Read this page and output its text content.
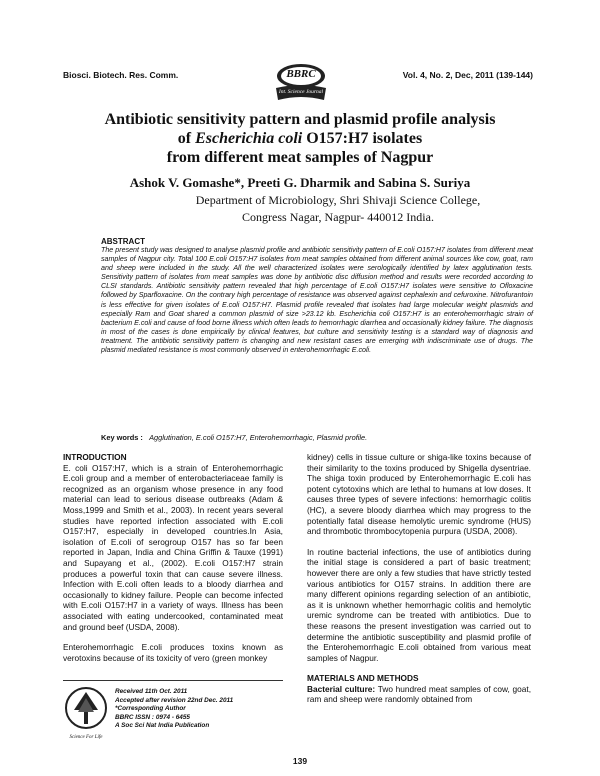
Biosci. Biotech. Res. Comm.	Vol. 4, No. 2, Dec, 2011 (139-144)
BBRC
Int. Science Journal
Antibiotic sensitivity pattern and plasmid profile analysis
of Escherichia coli O157:H7 isolates
from different meat samples of Nagpur
Ashok V. Gomashe*, Preeti G. Dharmik and Sabina S. Suriya
Department of Microbiology, Shri Shivaji Science College,
Congress Nagar, Nagpur- 440012 India.
ABSTRACT
The present study was designed to analyse plasmid profile and antibiotic sensitivity pattern of E.coli O157:H7 isolates from different meat samples of Nagpur city. Total 100 E.coli O157:H7 isolates from meat samples obtained from different animal sources like cow, goat, ram and sheep were included in the study. All the well characterized isolates were serologically identified by latex agglutination tests. Sensitivity pattern of isolates from meat samples was done by antibiotic disc diffusion method and results were recorded according to CLSI standards. Antibiotic sensitivity pattern revealed that high percentage of E.coli O157:H7 isolates were sensitive to Ofloxacine followed by Sparfloxacine. On the contrary high percentage of resistance was observed against cephalexin and cefuroxine. Nitrofurantoin is less effective for given isolates of E.coli O157:H7. Plasmid profile revealed that isolates had large molecular weight plasmids and especially Ram and Goat shared a common plasmid of size >23.12 kb. Escherichia coli O157:H7 is an enterohemorrhagic strain of bacterium E.coli and cause of food borne illness which often leads to hemorrhagic diarrhea and occasionally kidney failure. The diagnosis in most of the cases is done empirically by clinical features, but culture and sensitivity testing is a standard way of diagnosis and treatment. The antibiotic sensitivity pattern is changing and new resistant cases are emerging with indiscriminate use of drugs. The plasmid mediated resistance is most commonly observed in enterohemorrhagic E.coli.
Key words : Agglutination, E.coli O157:H7, Enterohemorrhagic, Plasmid profile.
INTRODUCTION

E. coli O157:H7, which is a strain of Enterohemorrhagic E.coli group and a member of enterobacteriaceae family is recognized as an organism whose presence in any food material can lead to serious disease outbreaks (Adam & Moss,1999 and Smith et al., 2003). In recent years several studies have reported infection associated with E.coli O157:H7, especially in developed countries.In Asia, isolation of E.coli of serogroup O157 has so far been reported in Japan, India and China Griffin & Tauxe (1991) and Supayang et al., (2002). E.coli O157:H7 strain produces a powerful toxin that can cause severe illness. Infection with E.coli often leads to a bloody diarrhea and occasionally to kidney failure. People can become infected with E.coli O157:H7 in a variety of ways. Illness has been associated with eating undercooked, contaminated meat and ground beef (USDA, 2008).

Enterohemorrhagic E.coli produces toxins known as verotoxins because of its toxicity of vero (green monkey

kidney) cells in tissue culture or shiga-like toxins because of their similarity to the toxins produced by Shigella dysentriae. The shiga toxin produced by Enterohemorrhagic E.coli has potent cytotoxins which are lethal to humans at low doses. It causes three types of severe infections: hemorrhagic colitis (HC), a severe bloody diarrhea which may progress to the potentially fatal disease hemolytic uremic syndrome (HUS) and thrombotic thrombocytopenia purpura (USDA, 2008).

In routine bacterial infections, the use of antibiotics during the initial stage is considered a part of basic treatment; however there are only a few studies that have strictly tested various antibiotics for O157 strains. In addition there are many different opinions regarding selection of an antibiotic, as it is unknown whether hemorrhagic colitis and hemolytic uremic syndrome can be treated with antibiotics. Due to these reasons the present investigation was carried out to determine the antibiotic susceptibility and plasmid profile of the Enterohemorrhagic E.coli obtained from various meat samples of Nagpur.

MATERIALS AND METHODS
Bacterial culture: Two hundred meat samples of cow, goat, ram and sheep were randomly obtained from
Science For Life
Received 11th Oct. 2011
Accepted after revision 22nd Dec. 2011
*Corresponding Author
BBRC ISSN : 0974 - 6455
A Soc Sci Nat India Publication
139
